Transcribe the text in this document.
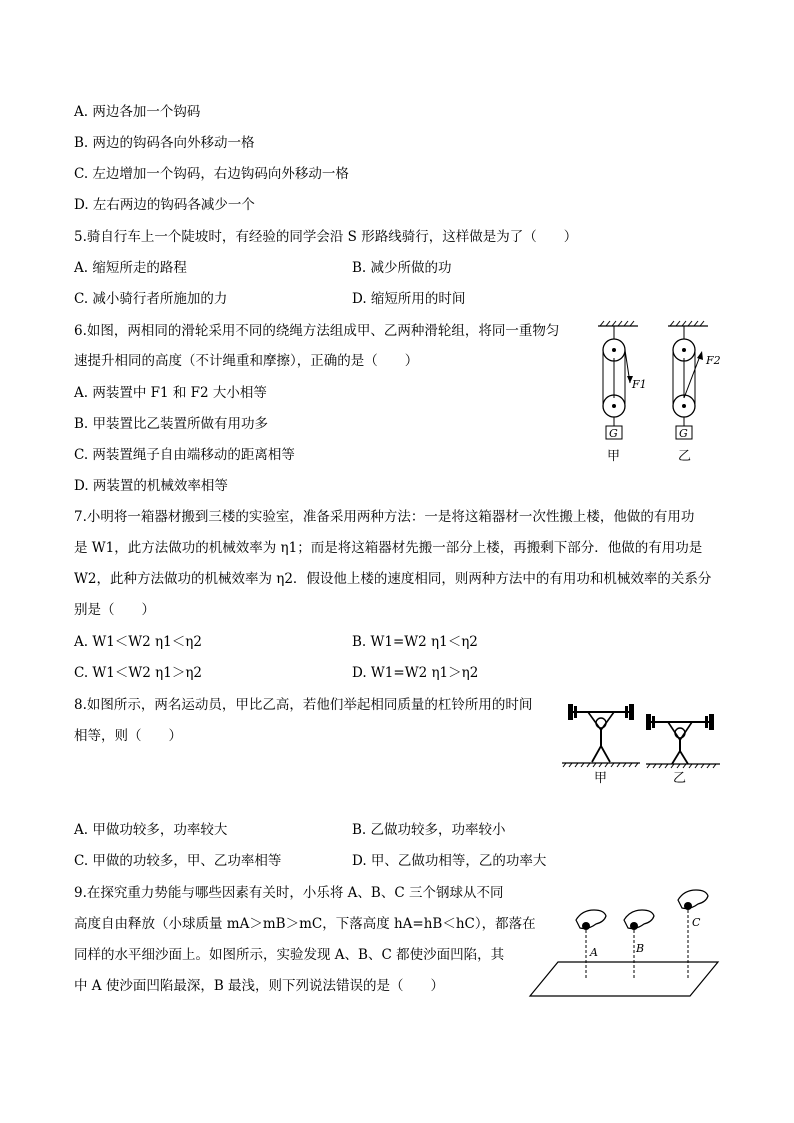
A. 两边各加一个钩码
B. 两边的钩码各向外移动一格
C. 左边增加一个钩码，右边钩码向外移动一格
D. 左右两边的钩码各减少一个
5.骑自行车上一个陡坡时，有经验的同学会沿 S 形路线骑行，这样做是为了（　　）
A. 缩短所走的路程	B. 减少所做的功
C. 减小骑行者所施加的力	D. 缩短所用的时间
6.如图，两相同的滑轮采用不同的绕绳方法组成甲、乙两种滑轮组，将同一重物匀
速提升相同的高度（不计绳重和摩擦），正确的是（　　）
A. 两装置中 F1 和 F2 大小相等
B. 甲装置比乙装置所做有用功多
C. 两装置绳子自由端移动的距离相等
D. 两装置的机械效率相等
F1
G
甲
F2
G
乙
7.小明将一箱器材搬到三楼的实验室，准备采用两种方法：一是将这箱器材一次性搬上楼，他做的有用功
是 W1，此方法做功的机械效率为 η1；而是将这箱器材先搬一部分上楼，再搬剩下部分．他做的有用功是
W2，此种方法做功的机械效率为 η2．假设他上楼的速度相同，则两种方法中的有用功和机械效率的关系分
别是（　　）
A. W1＜W2 η1＜η2	B. W1=W2 η1＜η2
C. W1＜W2 η1＞η2	D. W1=W2 η1＞η2
8.如图所示，两名运动员，甲比乙高，若他们举起相同质量的杠铃所用的时间
相等，则（　　）
甲	乙
A. 甲做功较多，功率较大	B. 乙做功较多，功率较小
C. 甲做的功较多，甲、乙功率相等	D. 甲、乙做功相等，乙的功率大
9.在探究重力势能与哪些因素有关时，小乐将 A、B、C 三个钢球从不同
高度自由释放（小球质量 mA＞mB＞mC，下落高度 hA=hB＜hC），都落在
同样的水平细沙面上。如图所示，实验发现 A、B、C 都使沙面凹陷，其
中 A 使沙面凹陷最深，B 最浅，则下列说法错误的是（　　）
A	B
C
